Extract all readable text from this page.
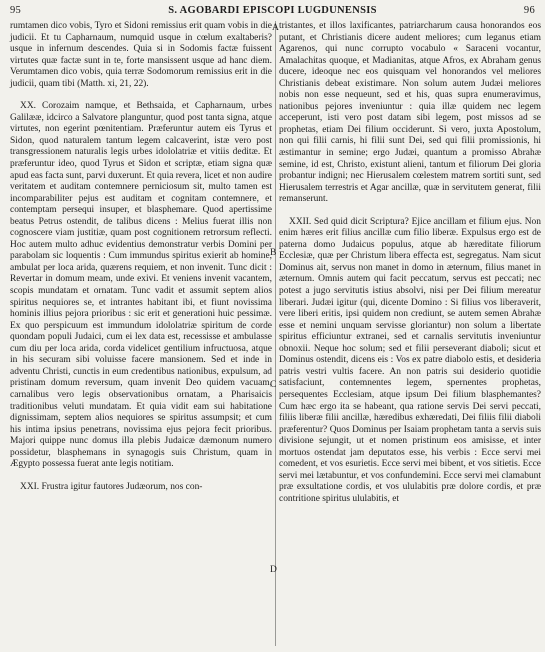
95	S. AGOBARDI EPISCOPI LUGDUNENSIS	96

rumtamen dico vobis, Tyro et Sidoni remissius erit quam vobis in die judicii. Et tu Capharnaum, numquid usque in cœlum exaltaberis? usque in infernum descendes. Quia si in Sodomis factæ fuissent virtutes quæ factæ sunt in te, forte mansissent usque ad hanc diem. Verumtamen dico vobis, quia terræ Sodomorum remissius erit in die judicii, quam tibi (Matth. xi, 21, 22).

XX. Corozaim namque, et Bethsaida, et Capharnaum, urbes Galilææ, idcirco a Salvatore planguntur, quod post tanta signa, atque virtutes, non egerint pœnitentiam. Præferuntur autem eis Tyrus et Sidon, quod naturalem tantum legem calcaverint, istæ vero post transgressionem naturalis legis urbes idololatriæ et vitiis deditæ. Et præferuntur ideo, quod Tyrus et Sidon et scriptæ, etiam signa quæ apud eas facta sunt, parvi duxerunt. Et quia revera, licet et non audire veritatem et auditam contemnere perniciosum sit, multo tamen est incomparabiliter pejus est auditam et cognitam contemnere, et contemptam persequi insuper, et blasphemare. Quod apertissime beatus Petrus ostendit, de talibus dicens : Melius fuerat illis non cognoscere viam justitiæ, quam post cognitionem retrorsum reflecti. Hoc autem multo adhuc evidentius demonstratur verbis Domini per parabolam sic loquentis : Cum immundus spiritus exierit ab homine, ambulat per loca arida, quærens requiem, et non invenit. Tunc dicit : Revertar in domum meam, unde exivi. Et veniens invenit vacantem, scopis mundatam et ornatam. Tunc vadit et assumit septem alios spiritus nequiores se, et intrantes habitant ibi, et fiunt novissima hominis illius pejora prioribus : sic erit et generationi huic pessimæ. Ex quo perspicuum est immundum idololatriæ spiritum de corde quondam populi Judaici, cum ei lex data est, recessisse et ambulasse cum diu per loca arida, corda videlicet gentilium infructuosa, atque in his securam sibi voluisse facere mansionem. Sed et inde in adventu Christi, cunctis in eum credentibus nationibus, expulsum, ad pristinam domum reversum, quam invenit Deo quidem vacuam, carnalibus vero legis observationibus ornatam, a Pharisaicis traditionibus veluti mundatam. Et quia vidit eam sui habitatione dignissimam, septem alios nequiores se spiritus assumpsit; et cum his intima ipsius penetrans, novissima ejus pejora fecit prioribus. Majori quippe nunc domus illa plebis Judaicæ dæmonum numero possidetur, blasphemans in synagogis suis Christum, quam in Ægypto possessa fuerat ante legis notitiam.

XXI. Frustra igitur fautores Judæorum, nos con-

tristantes, et illos laxificantes, patriarcharum causa honorandos eos putant, et Christianis dicere audent meliores; cum leganus etiam Agarenos, qui nunc corrupto vocabulo « Saraceni vocantur, Amalachitas quoque, et Madianitas, atque Afros, ex Abraham genus ducere, ideoque nec eos quisquam vel honorandos vel meliores Christianis debeat existimare. Non solum autem Judæi meliores nobis non esse nequeunt, sed et his, quas supra enumeravimus, nationibus pejores inveniuntur : quia illæ quidem nec legem acceperunt, isti vero post datam sibi legem, post missos ad se prophetas, etiam Dei filium occiderunt. Si vero, juxta Apostolum, non qui filii carnis, hi filii sunt Dei, sed qui filii promissionis, hi æstimantur in semine; ergo Judæi, quantum a promisso Abrahæ semine, id est, Christo, existunt alieni, tantum et filiorum Dei gloria probantur indigni; nec Hierusalem cœlestem matrem sortiti sunt, sed Hierusalem terrestris et Agar ancillæ, quæ in servitutem generat, filii remanserunt.

XXII. Sed quid dicit Scriptura? Ejice ancillam et filium ejus. Non enim hæres erit filius ancillæ cum filio liberæ. Expulsus ergo est de paterna domo Judaicus populus, atque ab hæreditate filiorum Ecclesiæ, quæ per Christum libera effecta est, segregatus. Nam sicut Dominus ait, servus non manet in domo in æternum, filius manet in æternum. Omnis autem qui facit peccatum, servus est peccati; nec potest a jugo servitutis istius absolvi, nisi per Dei filium mereatur liberari. Judæi igitur (qui, dicente Domino : Si filius vos liberaverit, vere liberi eritis, ipsi quidem non crediunt, se autem semen Abrahæ esse et nemini unquam servisse gloriantur) non solum a libertate spiritus efficiuntur extranei, sed et carnalis servitutis inveniuntur obnoxii. Neque hoc solum; sed et filii perseverant diaboli; sicut et Dominus ostendit, dicens eis : Vos ex patre diabolo estis, et desideria patris vestri vultis facere. An non patris sui desiderio quotidie satisfaciunt, contemnentes legem, spernentes prophetas, persequentes Ecclesiam, atque ipsum Dei filium blasphemantes? Cum hæc ergo ita se habeant, qua ratione servis Dei servi peccati, filiis liberæ filii ancillæ, hæredibus exhæredati, Dei filiis filii diaboli præferentur? Quos Dominus per Isaiam prophetam tanta a servis suis divisione sejungit, ut et nomen pristinum eos amisisse, et inter mortuos ostendat jam deputatos esse, his verbis : Ecce servi mei comedent, et vos esurietis. Ecce servi mei bibent, et vos sitietis. Ecce servi mei lætabuntur, et vos confundemini. Ecce servi mei clamabunt præ exsultatione cordis, et vos ululabitis præ dolore cordis, et præ contritione spiritus ululabitis, et

A
B
C
D
